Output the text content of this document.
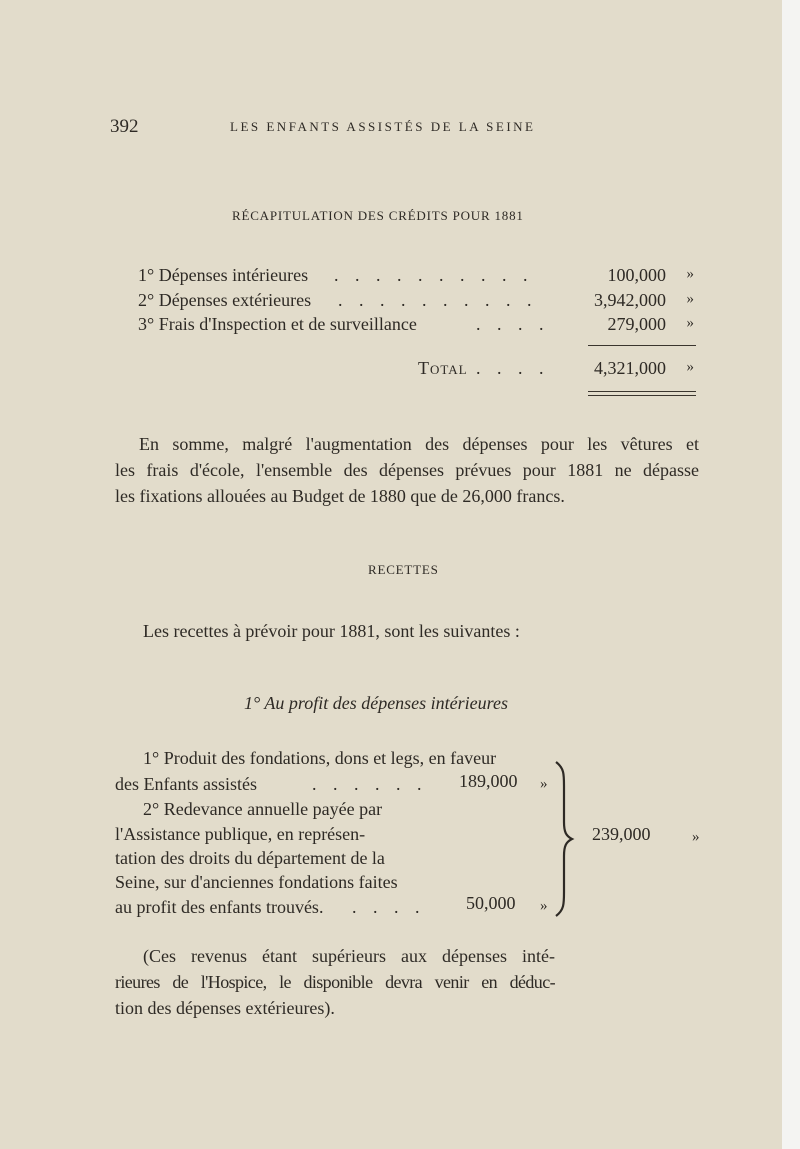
392	LES ENFANTS ASSISTÉS DE LA SEINE
RÉCAPITULATION DES CRÉDITS POUR 1881
1° Dépenses intérieures . . . . . . . . . .	100,000 »
2° Dépenses extérieures . . . . . . . . . .	3,942,000 »
3° Frais d'Inspection et de surveillance	. . . .	279,000 »
Total . . . . 4,321,000 »
En somme, malgré l'augmentation des dépenses pour les vêtures et
les frais d'école, l'ensemble des dépenses prévues pour 1881 ne dépasse
les fixations allouées au Budget de 1880 que de 26,000 francs.
RECETTES
Les recettes à prévoir pour 1881, sont les suivantes :
1° Au profit des dépenses intérieures
1° Produit des fondations, dons et legs, en faveur
des Enfants assistés	. . . . . . 189,000 »
2° Redevance annuelle payée par
l'Assistance publique, en représen-
tation des droits du département de la
Seine, sur d'anciennes fondations faites
au profit des enfants trouvés. . . . . 50,000 »
239,000	»
(Ces revenus étant supérieurs aux dépenses inté-
rieures de l'Hospice, le disponible devra venir en déduc-
tion des dépenses extérieures).
